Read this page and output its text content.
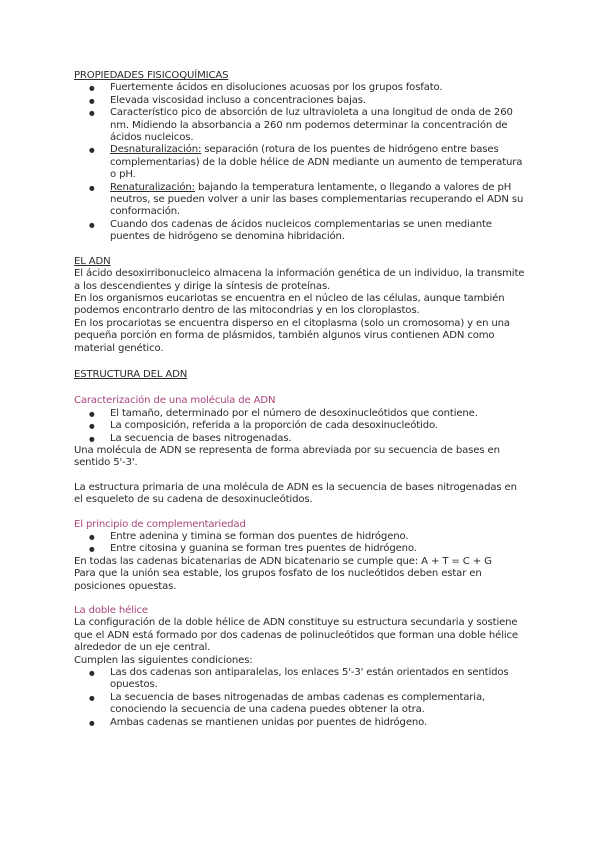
PROPIEDADES FISICOQUÍMICAS

● Fuertemente ácidos en disoluciones acuosas por los grupos fosfato.
● Elevada viscosidad incluso a concentraciones bajas.
● Característico pico de absorción de luz ultravioleta a una longitud de onda de 260 nm. Midiendo la absorbancia a 260 nm podemos determinar la concentración de ácidos nucleicos.
● Desnaturalización: separación (rotura de los puentes de hidrógeno entre bases complementarias) de la doble hélice de ADN mediante un aumento de temperatura o pH.
● Renaturalización: bajando la temperatura lentamente, o llegando a valores de pH neutros, se pueden volver a unir las bases complementarias recuperando el ADN su conformación.
● Cuando dos cadenas de ácidos nucleicos complementarias se unen mediante puentes de hidrógeno se denomina hibridación.

EL ADN

El ácido desoxirribonucleico almacena la información genética de un individuo, la transmite a los descendientes y dirige la síntesis de proteínas.

En los organismos eucariotas se encuentra en el núcleo de las células, aunque también podemos encontrarlo dentro de las mitocondrias y en los cloroplastos.

En los procariotas se encuentra disperso en el citoplasma (solo un cromosoma) y en una pequeña porción en forma de plásmidos, también algunos virus contienen ADN como material genético.

ESTRUCTURA DEL ADN

Caracterización de una molécula de ADN

● El tamaño, determinado por el número de desoxinucleótidos que contiene.
● La composición, referida a la proporción de cada desoxinucleótido.
● La secuencia de bases nitrogenadas.

Una molécula de ADN se representa de forma abreviada por su secuencia de bases en sentido 5'-3'.

La estructura primaria de una molécula de ADN es la secuencia de bases nitrogenadas en el esqueleto de su cadena de desoxinucleótidos.

El principio de complementariedad

● Entre adenina y timina se forman dos puentes de hidrógeno.
● Entre citosina y guanina se forman tres puentes de hidrógeno.

En todas las cadenas bicatenarias de ADN bicatenario se cumple que: A + T = C + G

Para que la unión sea estable, los grupos fosfato de los nucleótidos deben estar en posiciones opuestas.

La doble hélice

La configuración de la doble hélice de ADN constituye su estructura secundaria y sostiene que el ADN está formado por dos cadenas de polinucleótidos que forman una doble hélice alrededor de un eje central.

Cumplen las siguientes condiciones:

● Las dos cadenas son antiparalelas, los enlaces 5'-3' están orientados en sentidos opuestos.
● La secuencia de bases nitrogenadas de ambas cadenas es complementaria, conociendo la secuencia de una cadena puedes obtener la otra.
● Ambas cadenas se mantienen unidas por puentes de hidrógeno.
